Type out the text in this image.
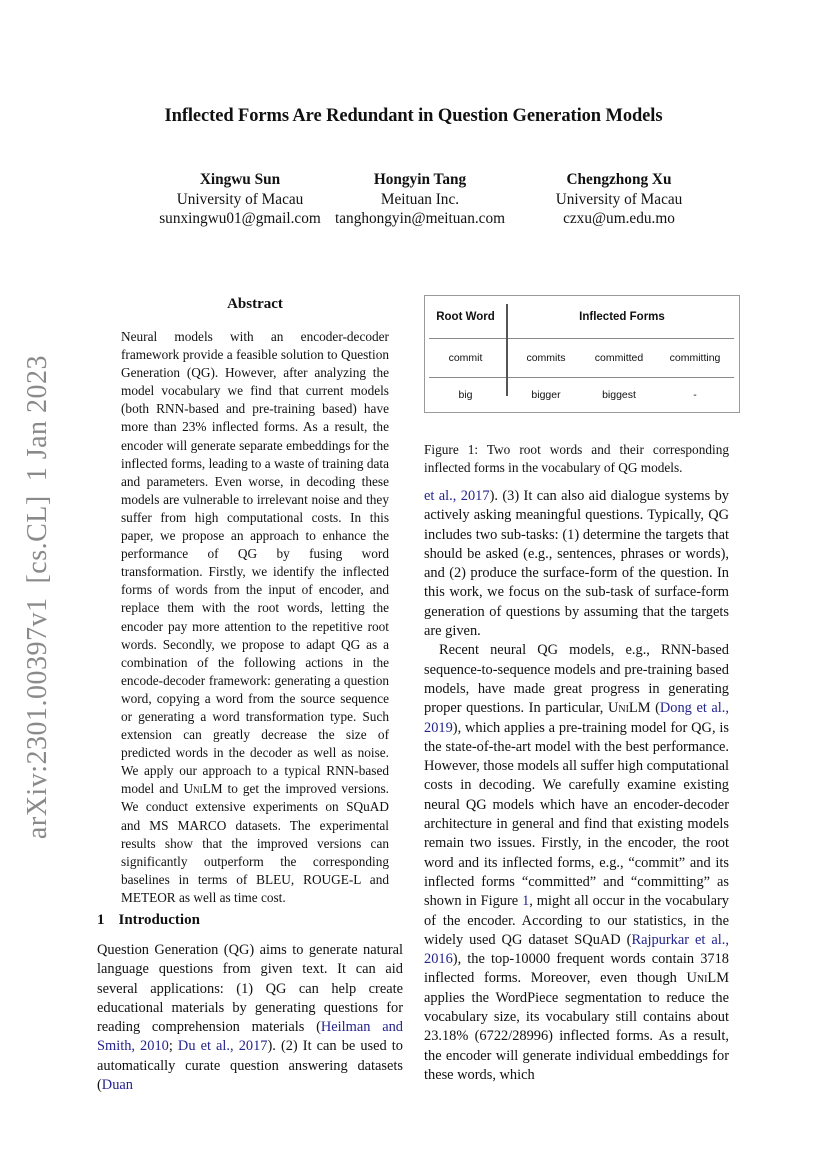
Inflected Forms Are Redundant in Question Generation Models
Xingwu Sun
University of Macau
sunxingwu01@gmail.com
Hongyin Tang
Meituan Inc.
tanghongyin@meituan.com
Chengzhong Xu
University of Macau
czxu@um.edu.mo
arXiv:2301.00397v1[cs.CL]1 Jan 2023
Abstract

Neural models with an encoder-decoder framework provide a feasible solution to Question Generation (QG). However, after analyzing the model vocabulary we find that current models (both RNN-based and pre-training based) have more than 23% inflected forms. As a result, the encoder will generate separate embeddings for the inflected forms, leading to a waste of training data and parameters. Even worse, in decoding these models are vulnerable to irrelevant noise and they suffer from high computational costs. In this paper, we propose an approach to enhance the performance of QG by fusing word transformation. Firstly, we identify the inflected forms of words from the input of encoder, and replace them with the root words, letting the encoder pay more attention to the repetitive root words. Secondly, we propose to adapt QG as a combination of the following actions in the encode-decoder framework: generating a question word, copying a word from the source sequence or generating a word transformation type. Such extension can greatly decrease the size of predicted words in the decoder as well as noise. We apply our approach to a typical RNN-based model and UniLM to get the improved versions. We conduct extensive experiments on SQuAD and MS MARCO datasets. The experimental results show that the improved versions can significantly outperform the corresponding baselines in terms of BLEU, ROUGE-L and METEOR as well as time cost.

1 Introduction

Question Generation (QG) aims to generate natural language questions from given text. It can aid several applications: (1) QG can help create educational materials by generating questions for reading comprehension materials (Heilman and Smith, 2010; Du et al., 2017). (2) It can be used to automatically curate question answering datasets (Duan

Root Word	Inflected Forms
commit	commits	committed	committing
big	bigger	biggest	-
Figure 1: Two root words and their corresponding inflected forms in the vocabulary of QG models.

et al., 2017). (3) It can also aid dialogue systems by actively asking meaningful questions. Typically, QG includes two sub-tasks: (1) determine the targets that should be asked (e.g., sentences, phrases or words), and (2) produce the surface-form of the question. In this work, we focus on the sub-task of surface-form generation of questions by assuming that the targets are given.

Recent neural QG models, e.g., RNN-based sequence-to-sequence models and pre-training based models, have made great progress in generating proper questions. In particular, UniLM (Dong et al., 2019), which applies a pre-training model for QG, is the state-of-the-art model with the best performance. However, those models all suffer high computational costs in decoding. We carefully examine existing neural QG models which have an encoder-decoder architecture in general and find that existing models remain two issues. Firstly, in the encoder, the root word and its inflected forms, e.g., “commit” and its inflected forms “committed” and “committing” as shown in Figure 1, might all occur in the vocabulary of the encoder. According to our statistics, in the widely used QG dataset SQuAD (Rajpurkar et al., 2016), the top-10000 frequent words contain 3718 inflected forms. Moreover, even though UniLM applies the WordPiece segmentation to reduce the vocabulary size, its vocabulary still contains about 23.18% (6722/28996) inflected forms. As a result, the encoder will generate individual embeddings for these words, which
